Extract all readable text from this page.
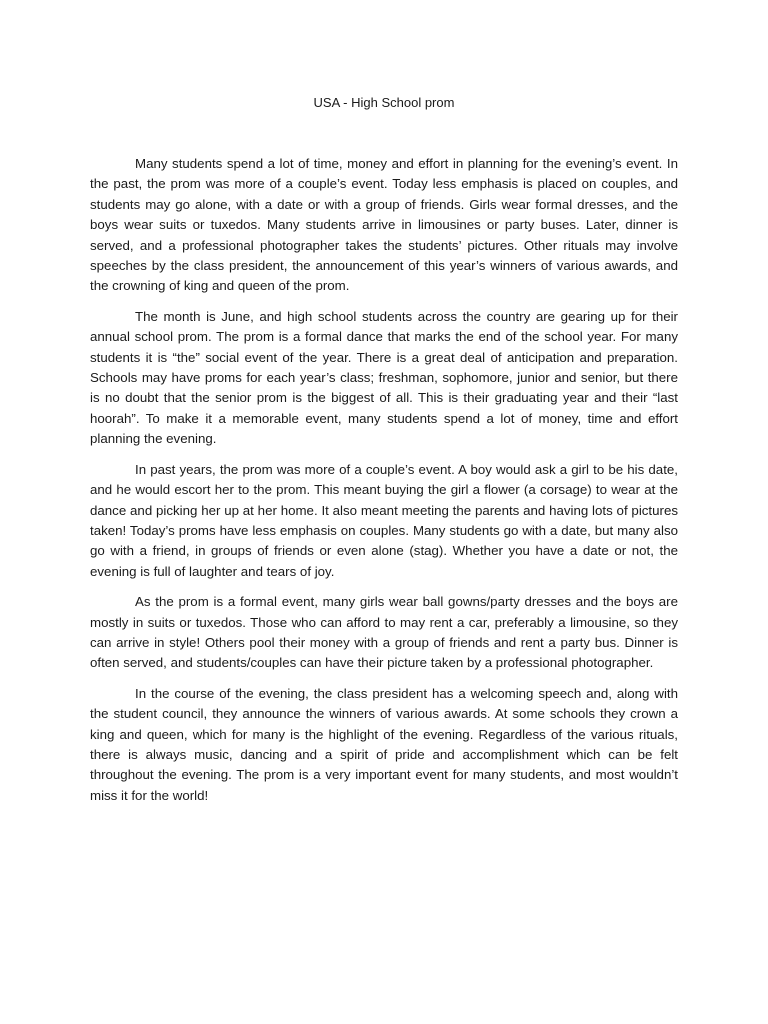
USA - High School prom

Many students spend a lot of time, money and effort in planning for the evening’s event. In the past, the prom was more of a couple’s event. Today less emphasis is placed on couples, and students may go alone, with a date or with a group of friends. Girls wear formal dresses, and the boys wear suits or tuxedos. Many students arrive in limousines or party buses. Later, dinner is served, and a professional photographer takes the students’ pictures. Other rituals may involve speeches by the class president, the announcement of this year’s winners of various awards, and the crowning of king and queen of the prom.

The month is June, and high school students across the country are gearing up for their annual school prom. The prom is a formal dance that marks the end of the school year. For many students it is “the” social event of the year. There is a great deal of anticipation and preparation. Schools may have proms for each year’s class; freshman, sophomore, junior and senior, but there is no doubt that the senior prom is the biggest of all. This is their graduating year and their “last hoorah”. To make it a memorable event, many students spend a lot of money, time and effort planning the evening.

In past years, the prom was more of a couple’s event. A boy would ask a girl to be his date, and he would escort her to the prom. This meant buying the girl a flower (a corsage) to wear at the dance and picking her up at her home. It also meant meeting the parents and having lots of pictures taken! Today’s proms have less emphasis on couples. Many students go with a date, but many also go with a friend, in groups of friends or even alone (stag). Whether you have a date or not, the evening is full of laughter and tears of joy.

As the prom is a formal event, many girls wear ball gowns/party dresses and the boys are mostly in suits or tuxedos. Those who can afford to may rent a car, preferably a limousine, so they can arrive in style! Others pool their money with a group of friends and rent a party bus. Dinner is often served, and students/couples can have their picture taken by a professional photographer.

In the course of the evening, the class president has a welcoming speech and, along with the student council, they announce the winners of various awards. At some schools they crown a king and queen, which for many is the highlight of the evening. Regardless of the various rituals, there is always music, dancing and a spirit of pride and accomplishment which can be felt throughout the evening. The prom is a very important event for many students, and most wouldn’t miss it for the world!
